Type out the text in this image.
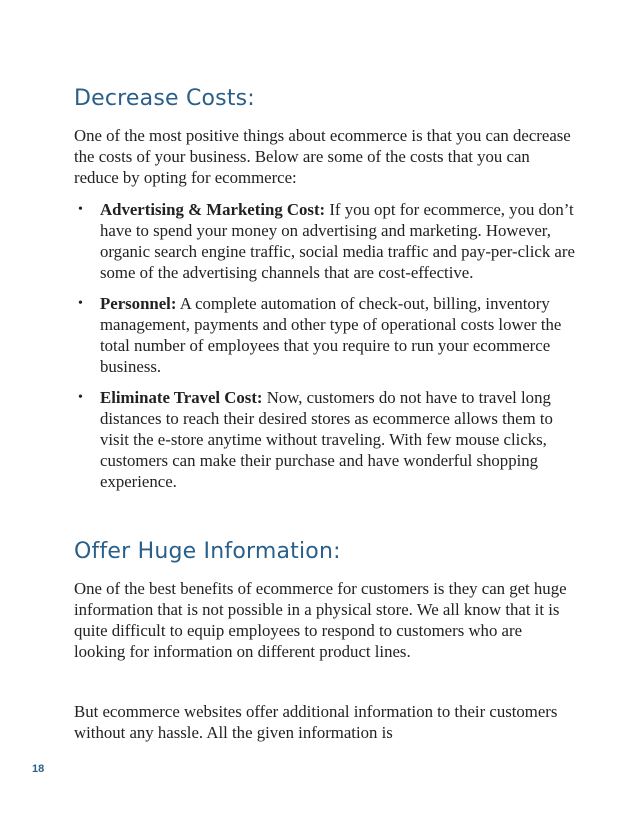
Decrease Costs:

One of the most positive things about ecommerce is that you can decrease the costs of your business. Below are some of the costs that you can reduce by opting for ecommerce:

• Advertising & Marketing Cost: If you opt for ecommerce, you don’t have to spend your money on advertising and marketing. However, organic search engine traffic, social media traffic and pay-per-click are some of the advertising channels that are cost-effective.
• Personnel: A complete automation of check-out, billing, inventory management, payments and other type of operational costs lower the total number of employees that you require to run your ecommerce business.
• Eliminate Travel Cost: Now, customers do not have to travel long distances to reach their desired stores as ecommerce allows them to visit the e-store anytime without traveling. With few mouse clicks, customers can make their purchase and have wonderful shopping experience.
Offer Huge Information:

One of the best benefits of ecommerce for customers is they can get huge information that is not possible in a physical store. We all know that it is quite difficult to equip employees to respond to customers who are looking for information on different product lines.

But ecommerce websites offer additional information to their customers without any hassle. All the given information is

18
